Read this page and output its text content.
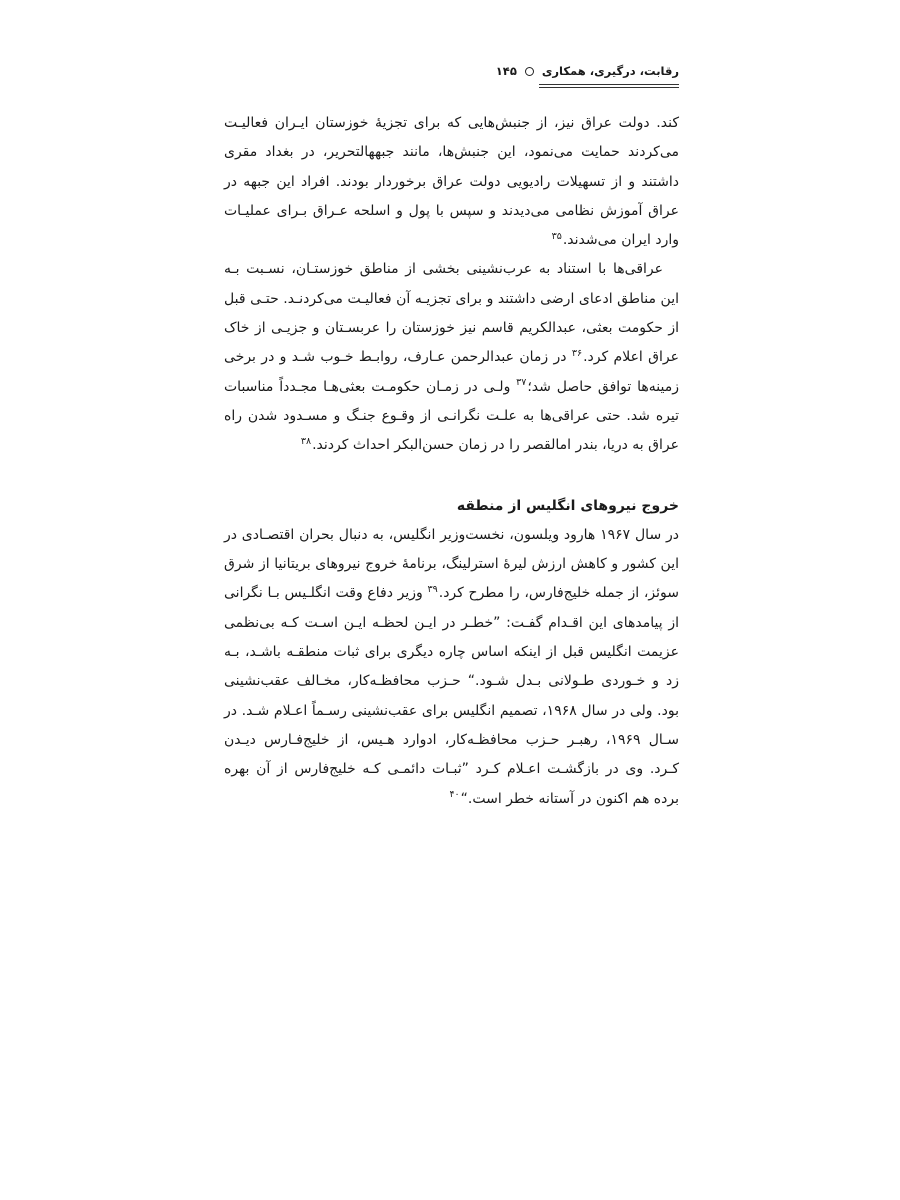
رقابت، درگیری، همکاری
۱۴۵

کند. دولت عراق نیز، از جنبش‌هایی که برای تجزیهٔ خوزستان ایـران فعالیـت می‌کردند حمایت می‌نمود، این جنبش‌ها، مانند جبههالتحریر، در بغداد مقری داشتند و از تسهیلات رادیویی دولت عراق برخوردار بودند. افراد این جبهه در عراق آموزش نظامی می‌دیدند و سپس با پول و اسلحه عـراق بـرای عملیـات وارد ایران می‌شدند.$^{۳۵}$

عراقی‌ها با استناد به عرب‌نشینی بخشی از مناطق خوزستـان، نسـبت بـه این مناطق ادعای ارضی داشتند و برای تجزیـه آن فعالیـت می‌کردنـد. حتـی قبل از حکومت بعثی، عبدالکریم قاسم نیز خوزستان را عربسـتان و جزیـی از خاک عراق اعلام کرد.$^{۳۶}$ در زمان عبدالرحمن عـارف، روابـط خـوب شـد و در برخی زمینه‌ها توافق حاصل شد؛$^{۳۷}$ ولـی در زمـان حکومـت بعثی‌هـا مجـدداً مناسبات تیره شد. حتی عراقی‌ها به علـت نگرانـی از وقـوع جنـگ و مسـدود شدن راه عراق به دریا، بندر امالقصر را در زمان حسن‌البکر احداث کردند.$^{۳۸}$

خروج نیروهای انگلیس از منطقه

در سال ۱۹۶۷ هارود ویلسون، نخست‌وزیر انگلیس، به دنبال بحران اقتصـادی در این کشور و کاهش ارزش لیرهٔ استرلینگ، برنامهٔ خروج نیروهای بریتانیا از شرق سوئز، از جمله خلیج‌فارس، را مطرح کرد.$^{۳۹}$ وزیر دفاع وقت انگلـیس بـا نگرانی از پیامدهای این اقـدام گفـت: ”خطـر در ایـن لحظـه ایـن اسـت کـه بی‌نظمی عزیمت انگلیس قبل از اینکه اساس چاره دیگری برای ثبات منطقـه باشـد، بـه زد و خـوردی طـولانی بـدل شـود.“ حـزب محافظـه‌کار، مخـالف عقب‌نشینی بود. ولی در سال ۱۹۶۸، تصمیم انگلیس برای عقب‌نشینی رسـماً اعـلام شـد. در سـال ۱۹۶۹، رهبـر حـزب محافظـه‌کار، ادوارد هـیس، از خلیج‌فـارس دیـدن کـرد. وی در بازگشـت اعـلام کـرد ”ثبـات دائمـی کـه خلیج‌فارس از آن بهره برده هم اکنون در آستانه خطر است.“$^{۴۰}$
